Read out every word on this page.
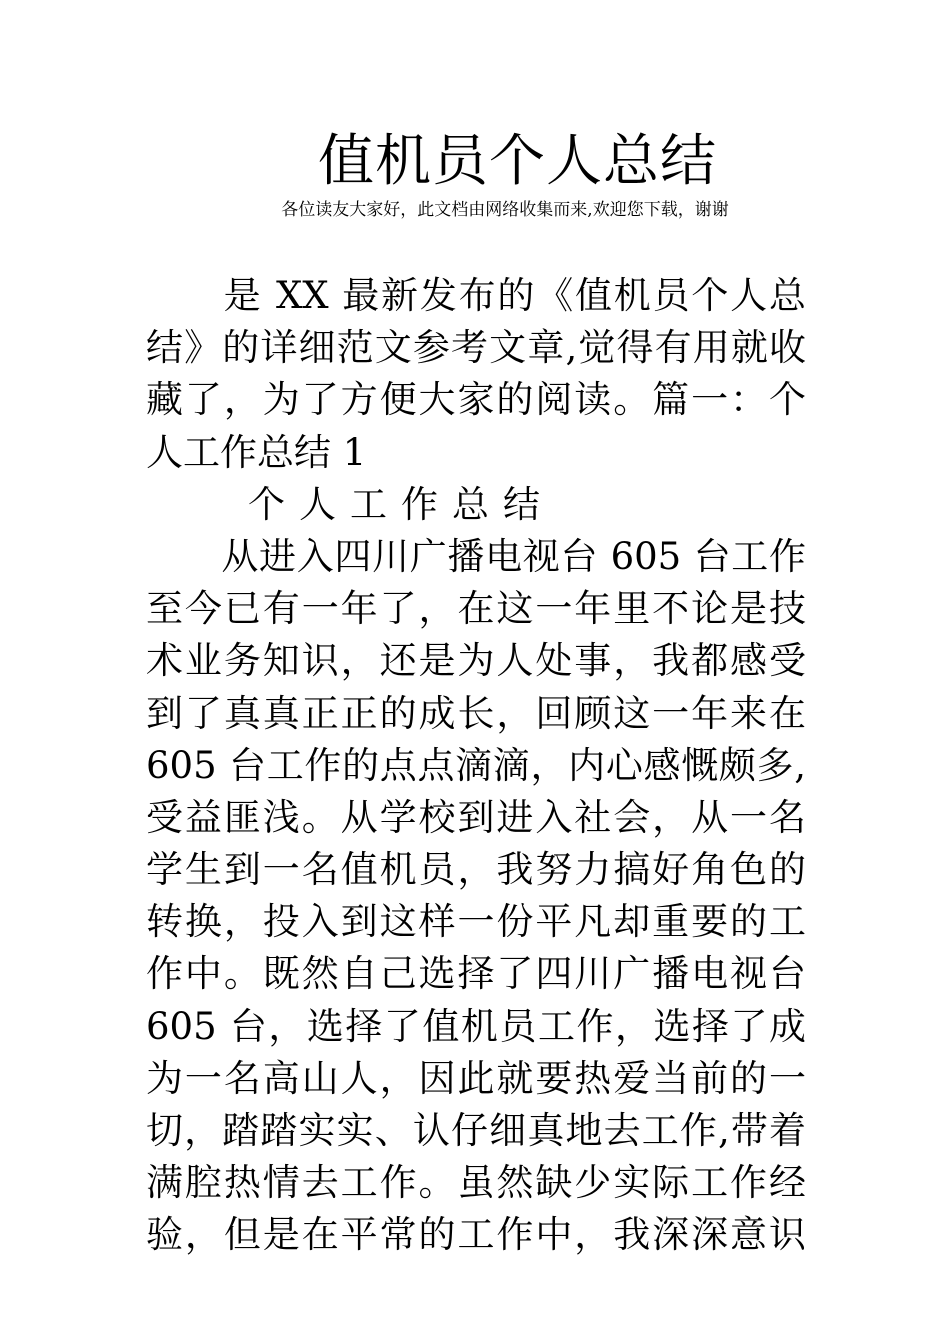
值机员个人总结
各位读友大家好，此文档由网络收集而来,欢迎您下载，谢谢
　　是 XX 最新发布的《值机员个人总
结》的详细范文参考文章,觉得有用就收
藏了，为了方便大家的阅读。篇一：个
人工作总结 1
　　个人工作总结
　　从进入四川广播电视台 605 台工作
至今已有一年了，在这一年里不论是技
术业务知识，还是为人处事，我都感受
到了真真正正的成长，回顾这一年来在
605 台工作的点点滴滴，内心感慨颇多,
受益匪浅。从学校到进入社会，从一名
学生到一名值机员，我努力搞好角色的
转换，投入到这样一份平凡却重要的工
作中。既然自己选择了四川广播电视台
605 台，选择了值机员工作，选择了成
为一名高山人，因此就要热爱当前的一
切，踏踏实实、认仔细真地去工作,带着
满腔热情去工作。虽然缺少实际工作经
验，但是在平常的工作中，我深深意识
